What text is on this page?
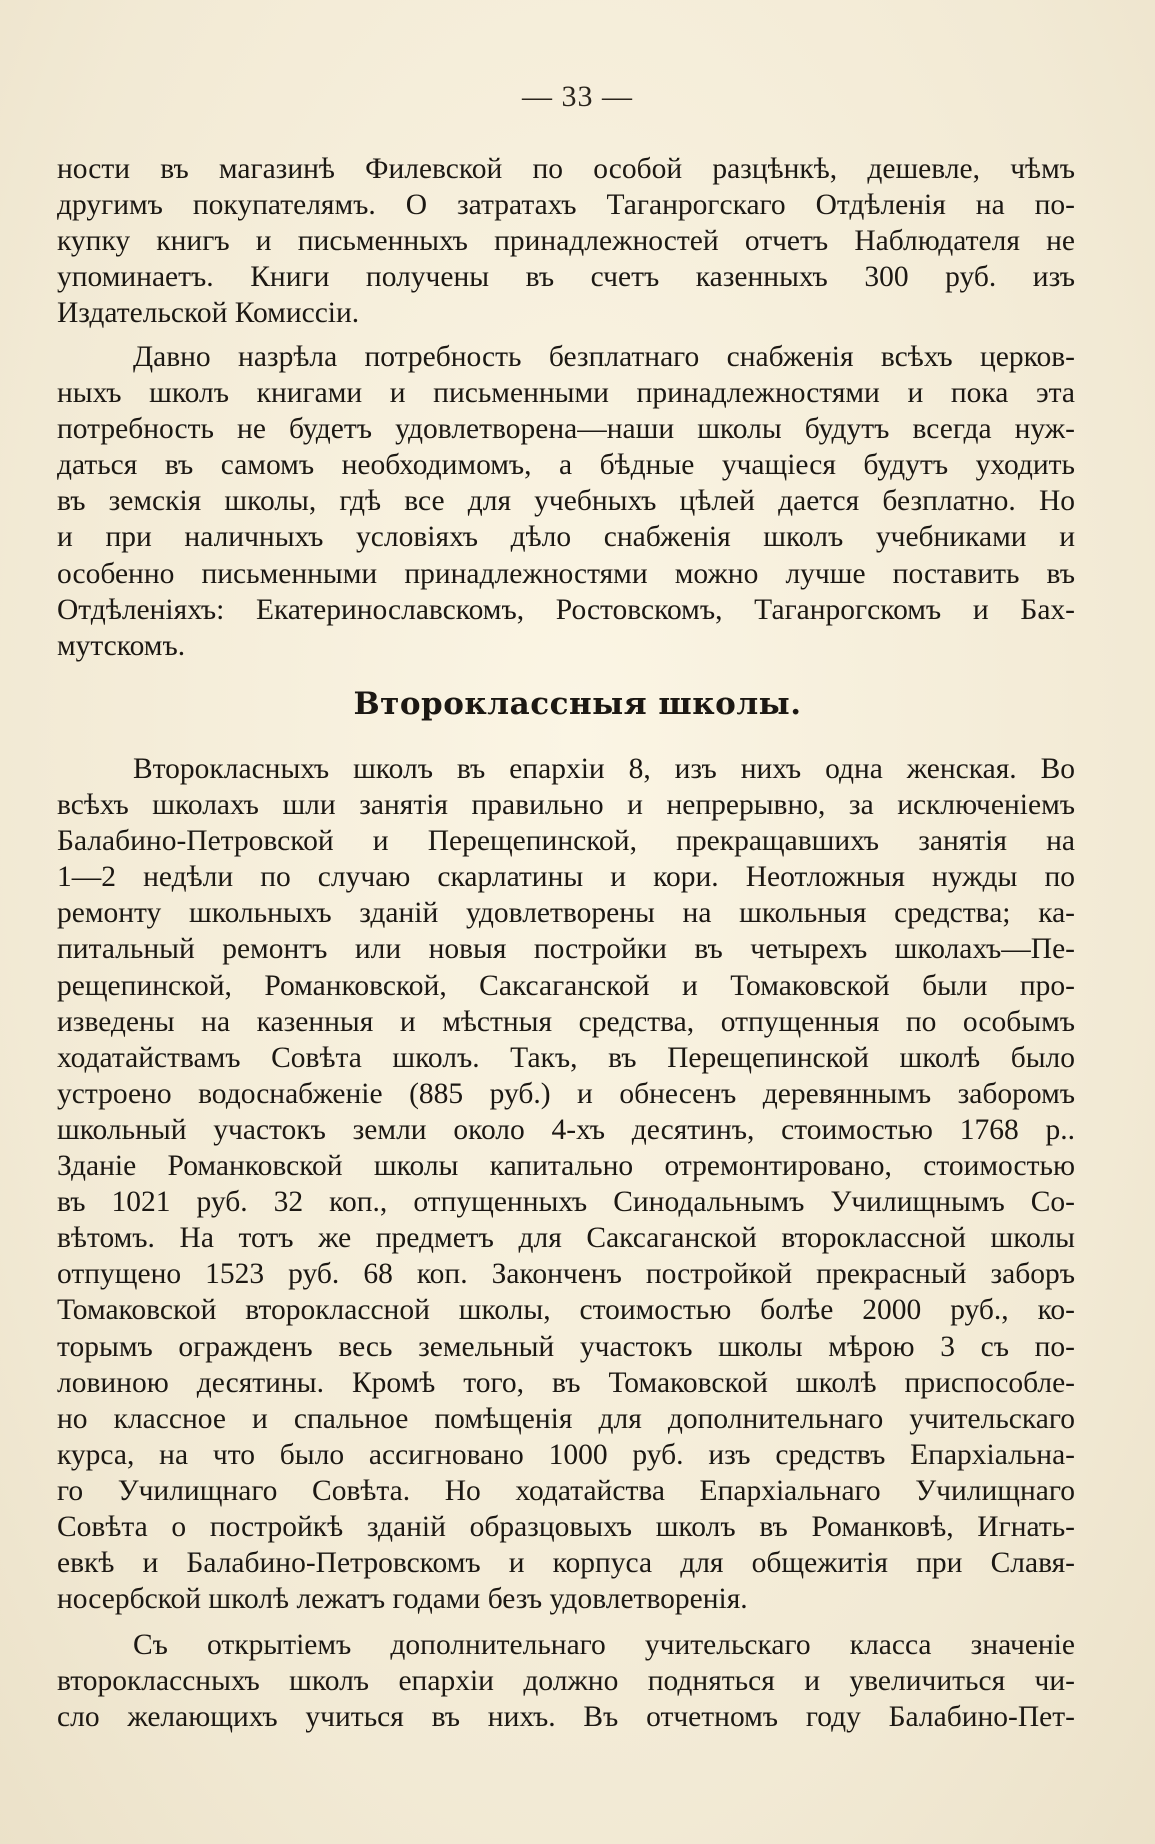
— 33 —
ности въ магазинѣ Филевской по особой разцѣнкѣ, дешевле, чѣмъ
другимъ покупателямъ. О затратахъ Таганрогскаго Отдѣленія на по-
купку книгъ и письменныхъ принадлежностей отчетъ Наблюдателя не
упоминаетъ. Книги получены въ счетъ казенныхъ 300 руб. изъ
Издательской Комиссіи.
Давно назрѣла потребность безплатнаго снабженія всѣхъ церков-
ныхъ школъ книгами и письменными принадлежностями и пока эта
потребность не будетъ удовлетворена—наши школы будутъ всегда нуж-
даться въ самомъ необходимомъ, а бѣдные учащіеся будутъ уходить
въ земскія школы, гдѣ все для учебныхъ цѣлей дается безплатно. Но
и при наличныхъ условіяхъ дѣло снабженія школъ учебниками и
особенно письменными принадлежностями можно лучше поставить въ
Отдѣленіяхъ: Екатеринославскомъ, Ростовскомъ, Таганрогскомъ и Бах-
мутскомъ.
Второклассныя школы.
Второкласныхъ школъ въ епархіи 8, изъ нихъ одна женская. Во
всѣхъ школахъ шли занятія правильно и непрерывно, за исключеніемъ
Балабино-Петровской и Перещепинской, прекращавшихъ занятія на
1—2 недѣли по случаю скарлатины и кори. Неотложныя нужды по
ремонту школьныхъ зданій удовлетворены на школьныя средства; ка-
питальный ремонтъ или новыя постройки въ четырехъ школахъ—Пе-
рещепинской, Романковской, Саксаганской и Томаковской были про-
изведены на казенныя и мѣстныя средства, отпущенныя по особымъ
ходатайствамъ Совѣта школъ. Такъ, въ Перещепинской школѣ было
устроено водоснабженіе (885 руб.) и обнесенъ деревяннымъ заборомъ
школьный участокъ земли около 4-хъ десятинъ, стоимостью 1768 р..
Зданіе Романковской школы капитально отремонтировано, стоимостью
въ 1021 руб. 32 коп., отпущенныхъ Синодальнымъ Училищнымъ Со-
вѣтомъ. На тотъ же предметъ для Саксаганской второклассной школы
отпущено 1523 руб. 68 коп. Законченъ постройкой прекрасный заборъ
Томаковской второклассной школы, стоимостью болѣе 2000 руб., ко-
торымъ огражденъ весь земельный участокъ школы мѣрою 3 съ по-
ловиною десятины. Кромѣ того, въ Томаковской школѣ приспособле-
но классное и спальное помѣщенія для дополнительнаго учительскаго
курса, на что было ассигновано 1000 руб. изъ средствъ Епархіальна-
го Училищнаго Совѣта. Но ходатайства Епархіальнаго Училищнаго
Совѣта о постройкѣ зданій образцовыхъ школъ въ Романковѣ, Игнать-
евкѣ и Балабино-Петровскомъ и корпуса для общежитія при Славя-
носербской школѣ лежатъ годами безъ удовлетворенія.
Съ открытіемъ дополнительнаго учительскаго класса значеніе
второклассныхъ школъ епархіи должно подняться и увеличиться чи-
сло желающихъ учиться въ нихъ. Въ отчетномъ году Балабино-Пет-
